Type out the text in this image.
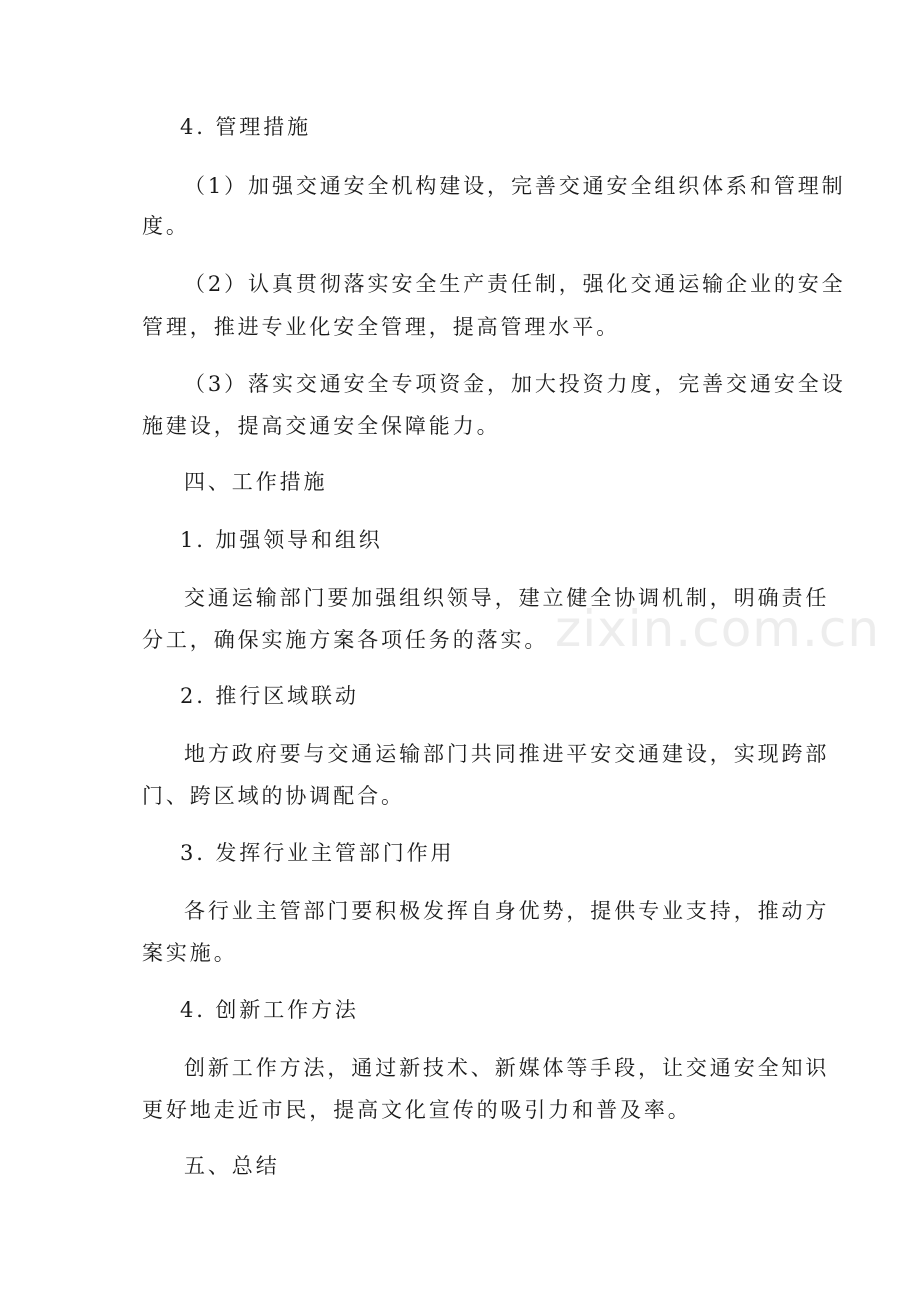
zixin.com.cn
4. 管理措施
（1）加强交通安全机构建设，完善交通安全组织体系和管理制
度。
（2）认真贯彻落实安全生产责任制，强化交通运输企业的安全
管理，推进专业化安全管理，提高管理水平。
（3）落实交通安全专项资金，加大投资力度，完善交通安全设
施建设，提高交通安全保障能力。
四、工作措施
1. 加强领导和组织
交通运输部门要加强组织领导，建立健全协调机制，明确责任
分工，确保实施方案各项任务的落实。
2. 推行区域联动
地方政府要与交通运输部门共同推进平安交通建设，实现跨部
门、跨区域的协调配合。
3. 发挥行业主管部门作用
各行业主管部门要积极发挥自身优势，提供专业支持，推动方
案实施。
4. 创新工作方法
创新工作方法，通过新技术、新媒体等手段，让交通安全知识
更好地走近市民，提高文化宣传的吸引力和普及率。
五、总结
